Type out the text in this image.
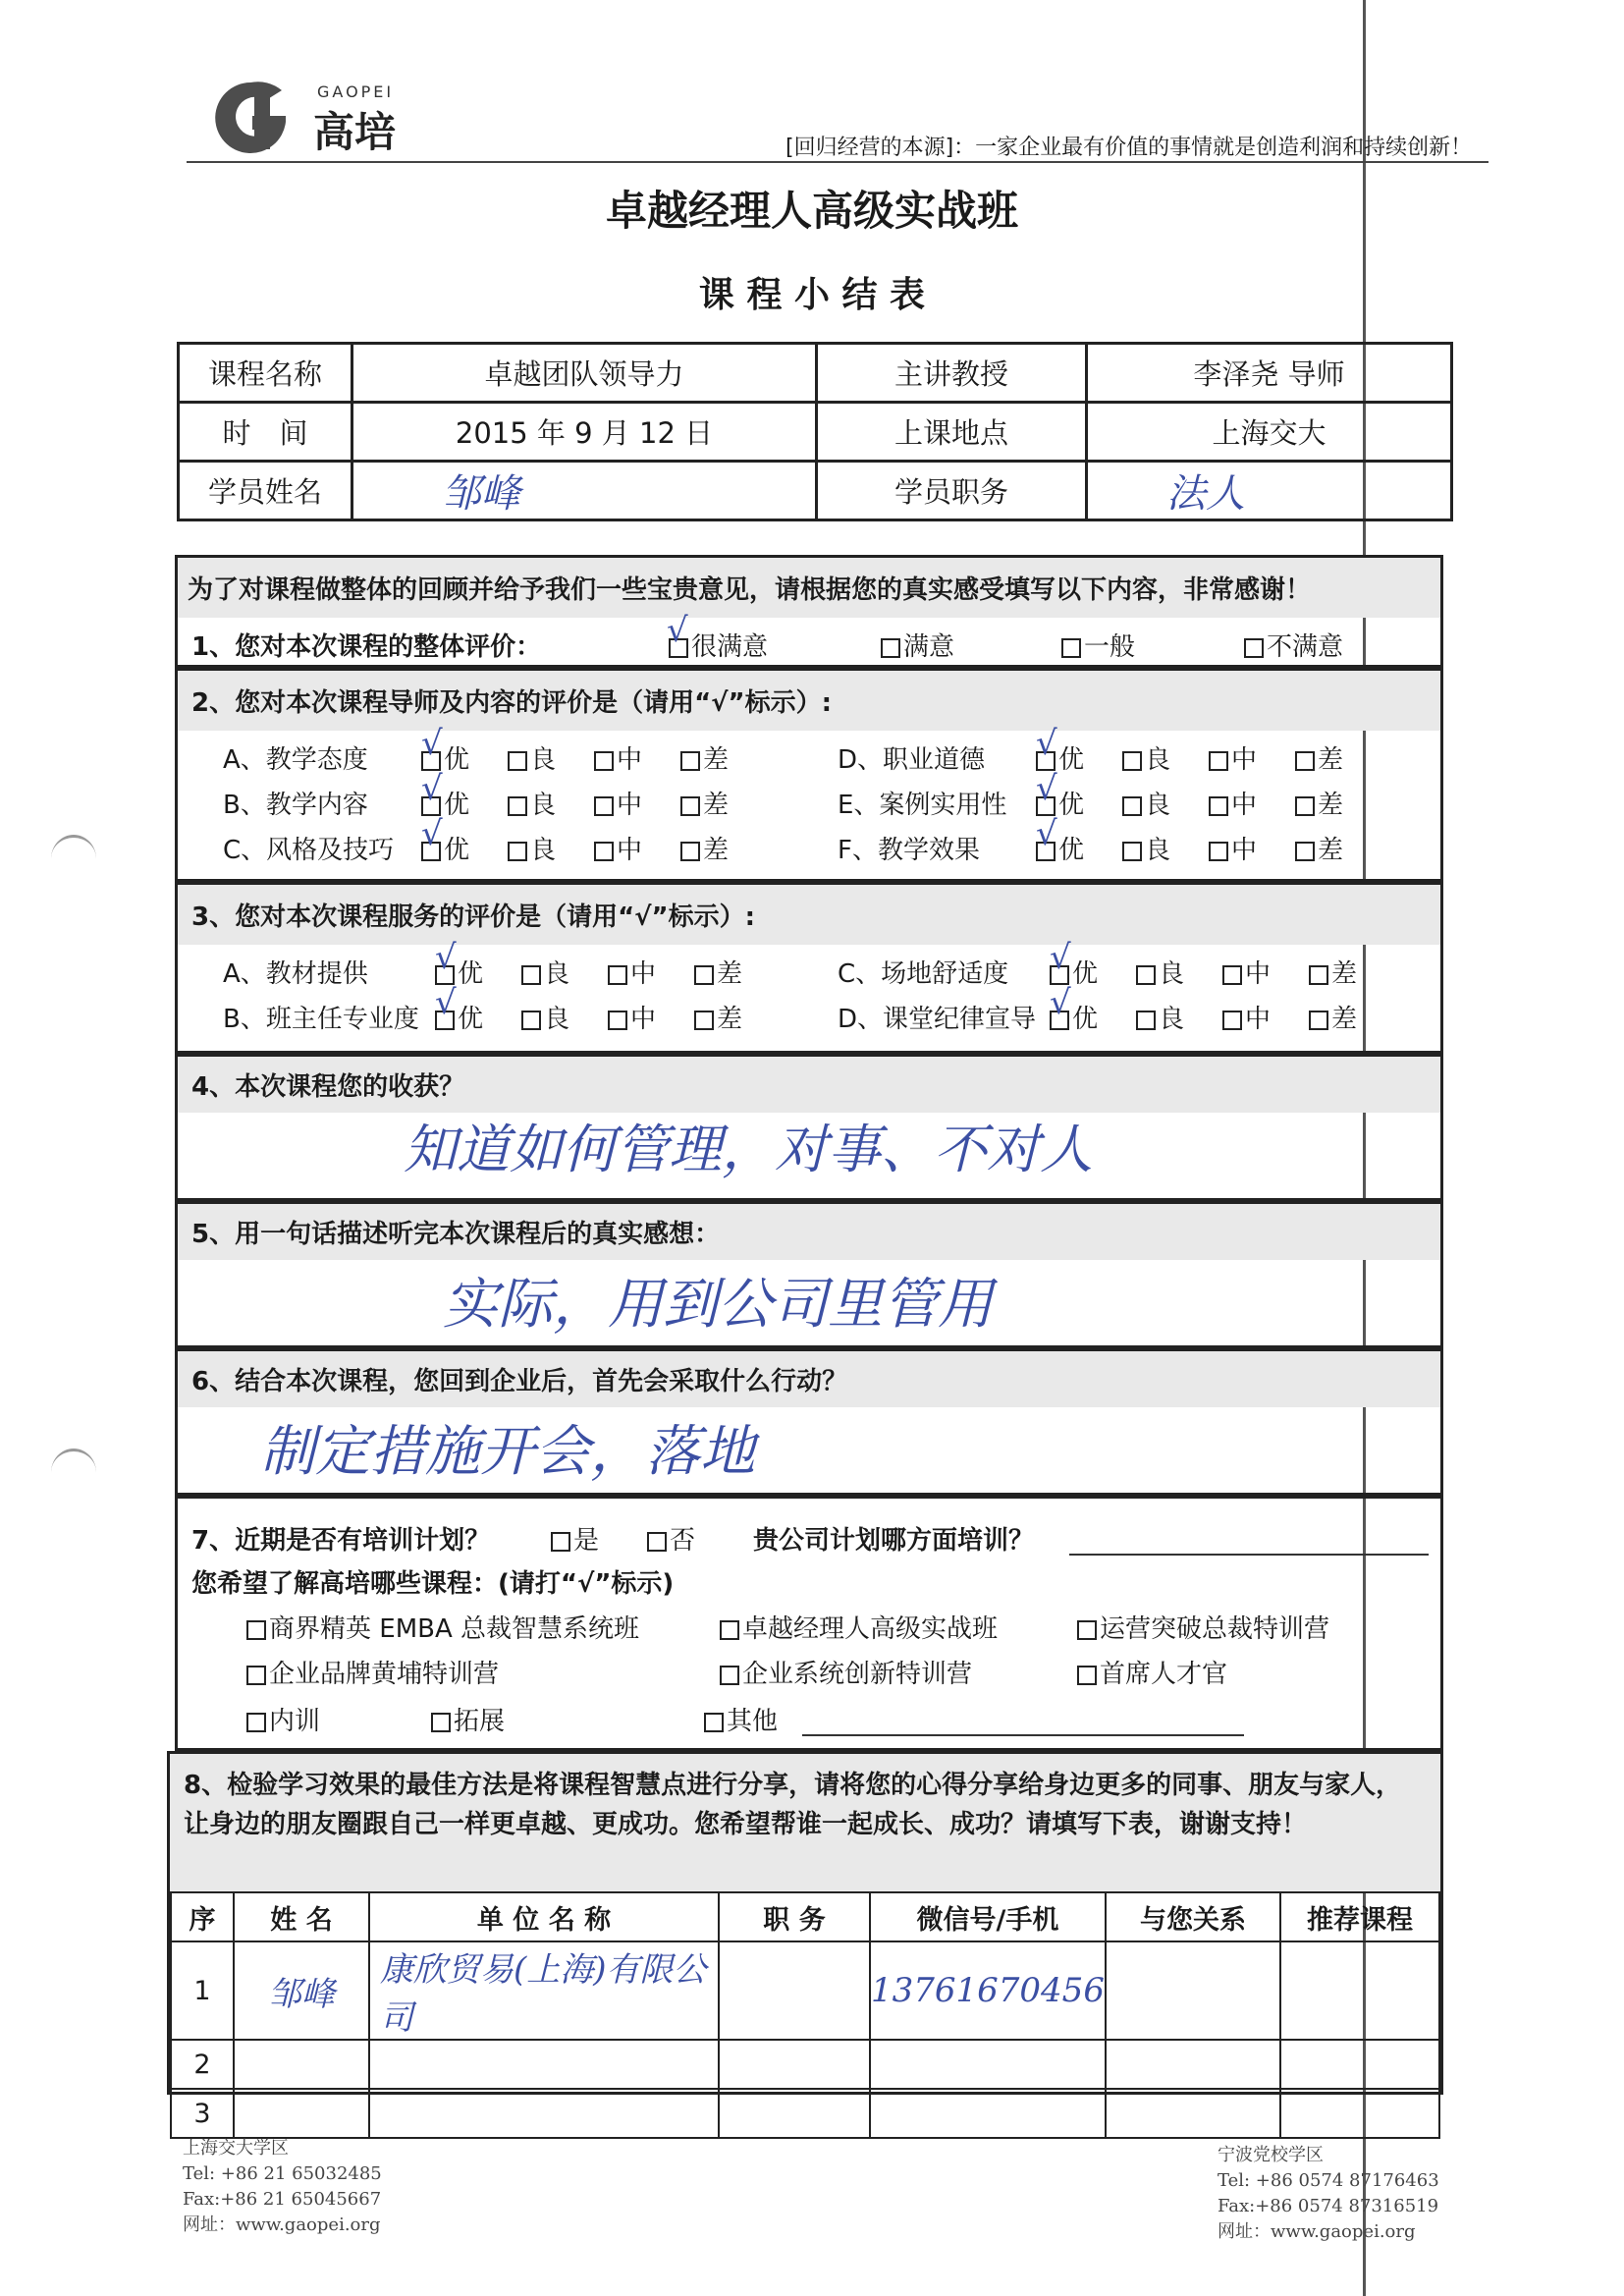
GAOPEI
高培	[回归经营的本源]：一家企业最有价值的事情就是创造利润和持续创新！
卓越经理人高级实战班
课 程 小 结 表
课程名称	卓越团队领导力	主讲教授	李泽尧 导师
时　间	2015 年 9 月 12 日	上课地点	上海交大
学员姓名	邹峰	学员职务	法人
为了对课程做整体的回顾并给予我们一些宝贵意见，请根据您的真实感受填写以下内容，非常感谢！
1、您对本次课程的整体评价：	很满意	满意	一般	不满意
√
2、您对本次课程导师及内容的评价是（请用“√”标示）:
A、教学态度	优	良	中	差
√
B、教学内容	优	良	中	差
√
C、风格及技巧	优	良	中	差
√
D、职业道德	优	良	中	差
√
E、案例实用性	优	良	中	差
√
F、教学效果	优	良	中	差
√
3、您对本次课程服务的评价是（请用“√”标示）:
A、教材提供	优	良	中	差
√
B、班主任专业度	优	良	中	差
√
C、场地舒适度	优	良	中	差
√
D、课堂纪律宣导	优	良	中	差
√
4、本次课程您的收获？
知道如何管理，对事、不对人
5、用一句话描述听完本次课程后的真实感想：
实际，用到公司里管用
6、结合本次课程，您回到企业后，首先会采取什么行动？
制定措施开会，落地
7、近期是否有培训计划？	是	否 贵公司计划哪方面培训？
您希望了解高培哪些课程：(请打“√”标示)
商界精英 EMBA 总裁智慧系统班	卓越经理人高级实战班	运营突破总裁特训营
企业品牌黄埔特训营	企业系统创新特训营	首席人才官
内训	拓展	其他
8、检验学习效果的最佳方法是将课程智慧点进行分享，请将您的心得分享给身边更多的同事、朋友与家人，让身边的朋友圈跟自己一样更卓越、更成功。您希望帮谁一起成长、成功？请填写下表，谢谢支持！
序	姓 名	单 位 名 称	职 务	微信号/手机	与您关系	推荐课程
1	邹峰	康欣贸易(上海)有限公司		13761670456		
2						
3						
上海交大学区
Tel: +86 21 65032485
Fax:+86 21 65045667
网址：www.gaopei.org
宁波党校学区
Tel: +86 0574 87176463
Fax:+86 0574 87316519
网址：www.gaopei.org
